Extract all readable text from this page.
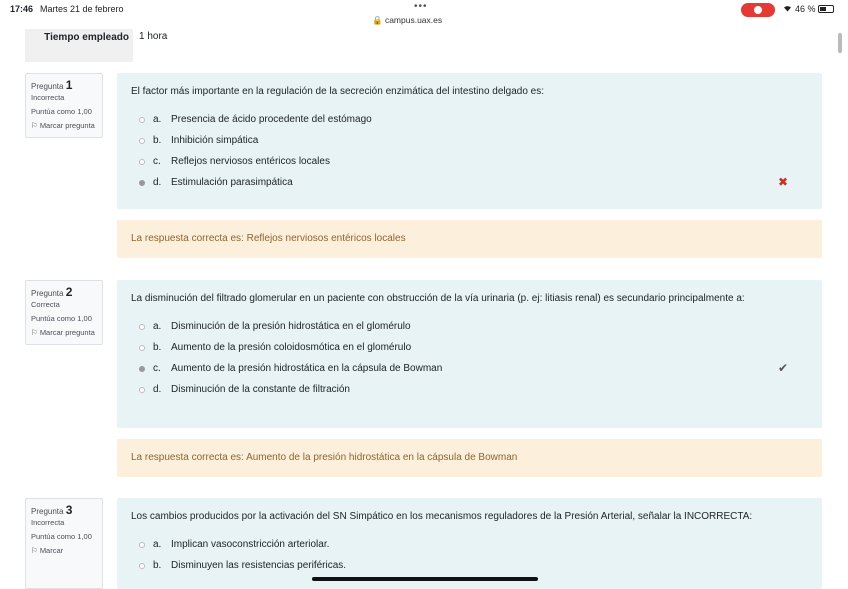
17:46 Martes 21 de febrero	•••
🔒 campus.uax.es
46 %
Tiempo empleado	1 hora
Pregunta 1
Incorrecta
Puntúa como 1,00
⚐ Marcar pregunta
El factor más importante en la regulación de la secreción enzimática del intestino delgado es:
a. Presencia de ácido procedente del estómago
b. Inhibición simpática
c.	Reflejos nerviosos entéricos locales
d. Estimulación parasimpática	✖
La respuesta correcta es: Reflejos nerviosos entéricos locales
Pregunta 2
Correcta
Puntúa como 1,00
⚐ Marcar pregunta
La disminución del filtrado glomerular en un paciente con obstrucción de la vía urinaria (p. ej: litiasis renal) es secundario principalmente a:
a. Disminución de la presión hidrostática en el glomérulo
b. Aumento de la presión coloidosmótica en el glomérulo
c.	Aumento de la presión hidrostática en la cápsula de Bowman	✔
d. Disminución de la constante de filtración
La respuesta correcta es: Aumento de la presión hidrostática en la cápsula de Bowman
Pregunta 3
Incorrecta
Puntúa como 1,00
⚐ Marcar
Los cambios producidos por la activación del SN Simpático en los mecanismos reguladores de la Presión Arterial, señalar la INCORRECTA:
a. Implican vasoconstricción arteriolar.
b. Disminuyen las resistencias periféricas.
